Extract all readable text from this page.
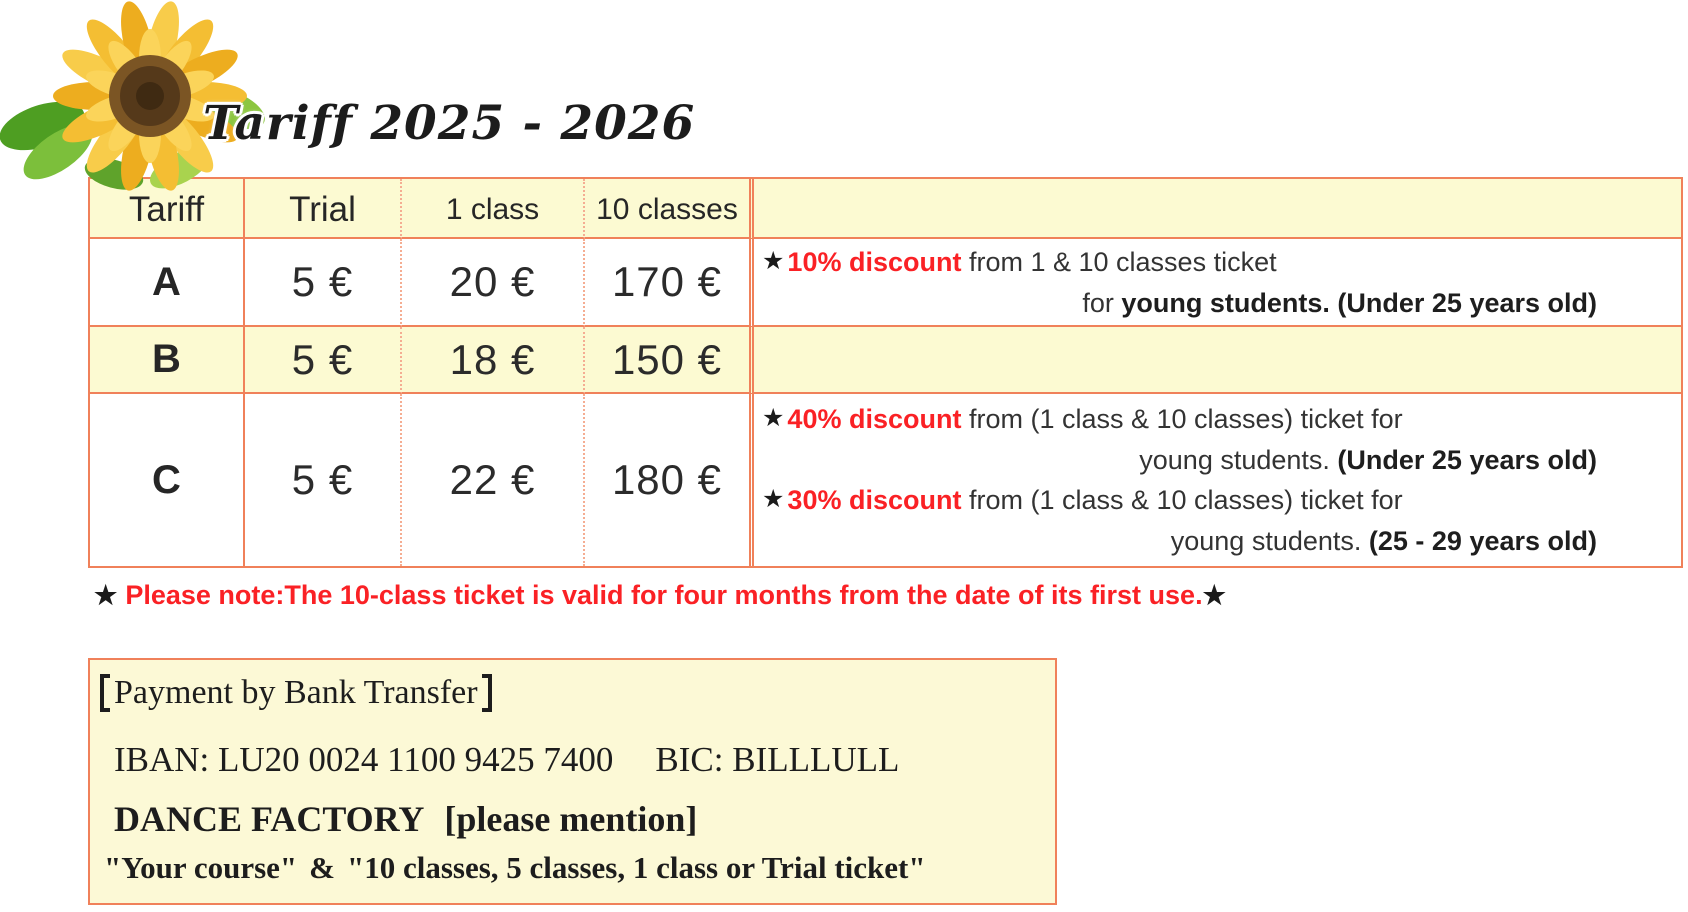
Tariff 2025 - 2026
Tariff	Trial	1 class	10 classes
A	5 €	20 €	170 €	★ 10% discount from 1 & 10 classes ticket
for young students. (Under 25 years old)
B	5 €	18 €	150 €
C	5 €	22 €	180 €
★ 40% discount from (1 class & 10 classes) ticket for
young students. (Under 25 years old)
★ 30% discount from (1 class & 10 classes) ticket for
young students. (25 - 29 years old)
★ Please note:The 10-class ticket is valid for four months from the date of its first use.★
Payment by Bank Transfer
IBAN: LU20 0024 1100 9425 7400 BIC: BILLLULL
DANCE FACTORY [please mention]
"Your course" & "10 classes, 5 classes, 1 class or Trial ticket"
